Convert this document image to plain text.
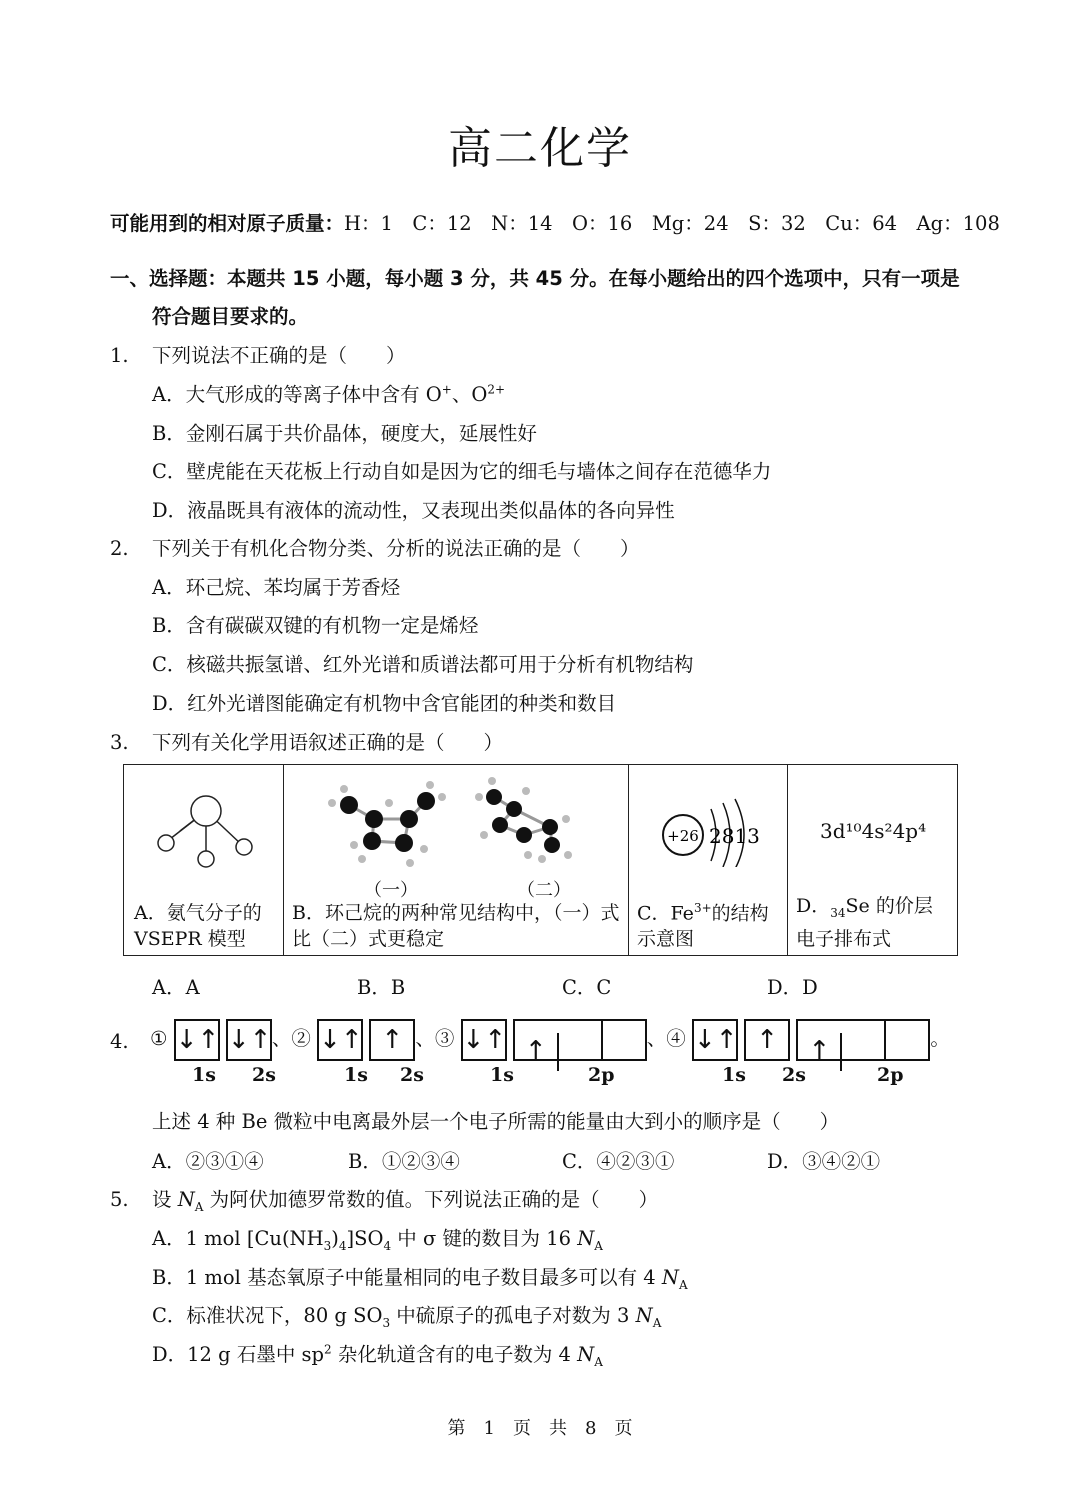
高二化学
可能用到的相对原子质量：H：1　C：12　N：14　O：16　Mg：24　S：32　Cu：64　Ag：108
一、选择题：本题共 15 小题，每小题 3 分，共 45 分。在每小题给出的四个选项中，只有一项是
符合题目要求的。
1. 下列说法不正确的是（　　）
A．大气形成的等离子体中含有 O+、$O^{2+}$
B．金刚石属于共价晶体，硬度大，延展性好
C．壁虎能在天花板上行动自如是因为它的细毛与墙体之间存在范德华力
D．液晶既具有液体的流动性，又表现出类似晶体的各向异性
2. 下列关于有机化合物分类、分析的说法正确的是（　　）
A．环己烷、苯均属于芳香烃
B．含有碳碳双键的有机物一定是烯烃
C．核磁共振氢谱、红外光谱和质谱法都可用于分析有机物结构
D．红外光谱图能确定有机物中含官能团的种类和数目
3. 下列有关化学用语叙述正确的是（　　）
A．氨气分子的 VSEPR 模型

（一）	（二）
B．环己烷的两种常见结构中，（一）式比（二）式更稳定

+26 2813
C．$Fe^{3+}$的结构示意图

3d¹⁰4s²4p⁴
D．$_{34}$Se 的价层电子排布式
A．A	B．B	C．C	D．D
4. ① ↓↑ ↓↑、② ↓↑ ↑ 、③ ↓↑ ↑	、④ ↓↑ ↑ ↑	。
1s 2s	1s 2s	1s	2p	1s 2s	2p
上述 4 种 Be 微粒中电离最外层一个电子所需的能量由大到小的顺序是（　　）
A．②③①④	B．①②③④	C．④②③①	D．③④②①
5. 设 $N_A$ 为阿伏加德罗常数的值。下列说法正确的是（　　）
A．1 mol $[Cu(NH_3)_4]SO_4$ 中 σ 键的数目为 16 $N_A$
B．1 mol 基态氧原子中能量相同的电子数目最多可以有 4 $N_A$
C．标准状况下，80 g $SO_3$ 中硫原子的孤电子对数为 3 $N_A$
D．12 g 石墨中 $sp^2$ 杂化轨道含有的电子数为 4 $N_A$
第　1　页　共　8　页
